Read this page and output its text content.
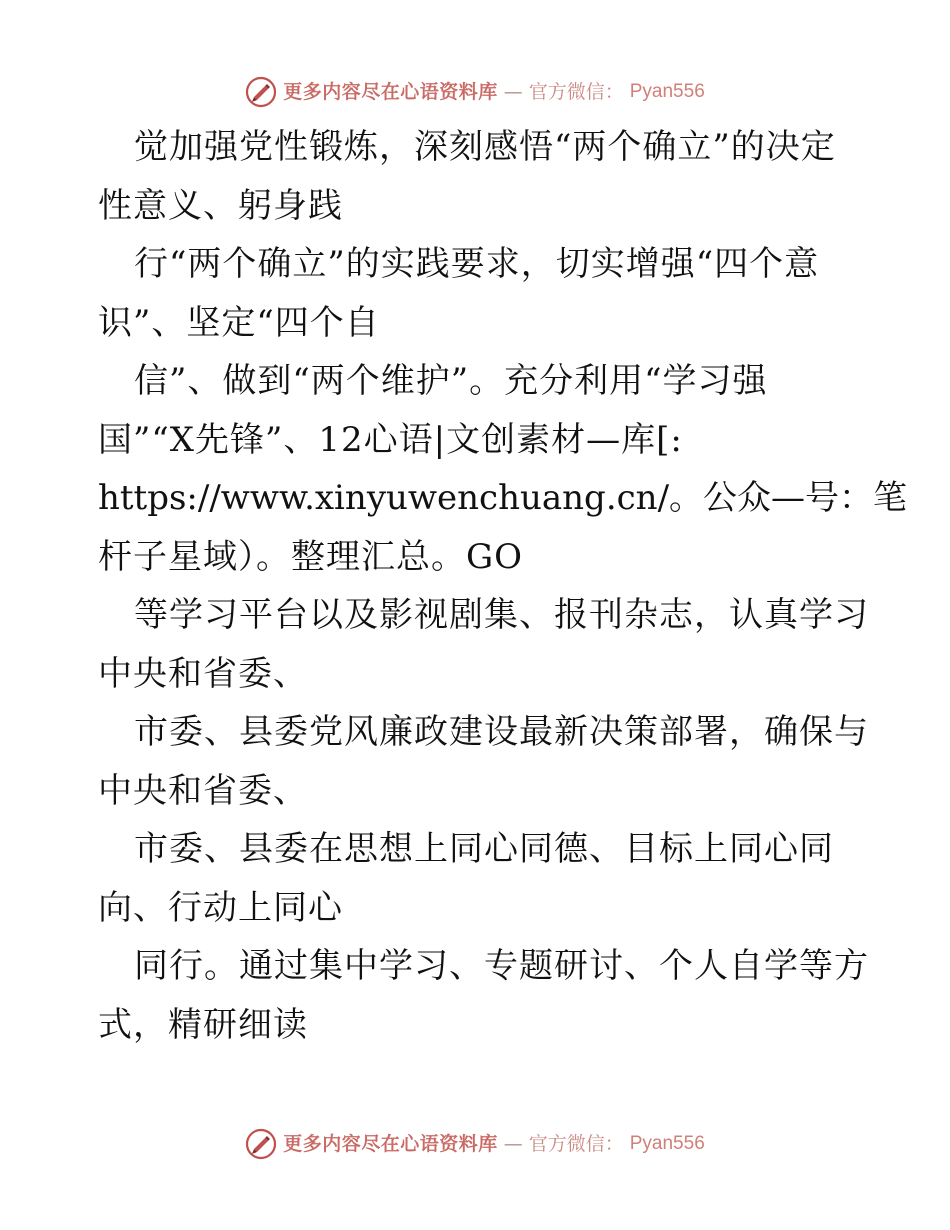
更多内容尽在心语资料库 — 官方微信： Pyan556
觉加强党性锻炼，深刻感悟“两个确立”的决定
性意义、躬身践
行“两个确立”的实践要求，切实增强“四个意
识”、坚定“四个自
信”、做到“两个维护”。充分利用“学习强
国”“X先锋”、12心语|文创素材—库[:
https://www.xinyuwenchuang.cn/。公众—号：笔
杆子星域）。整理汇总。GO
等学习平台以及影视剧集、报刊杂志，认真学习
中央和省委、
市委、县委党风廉政建设最新决策部署，确保与
中央和省委、
市委、县委在思想上同心同德、目标上同心同
向、行动上同心
同行。通过集中学习、专题研讨、个人自学等方
式，精研细读
更多内容尽在心语资料库 — 官方微信： Pyan556
